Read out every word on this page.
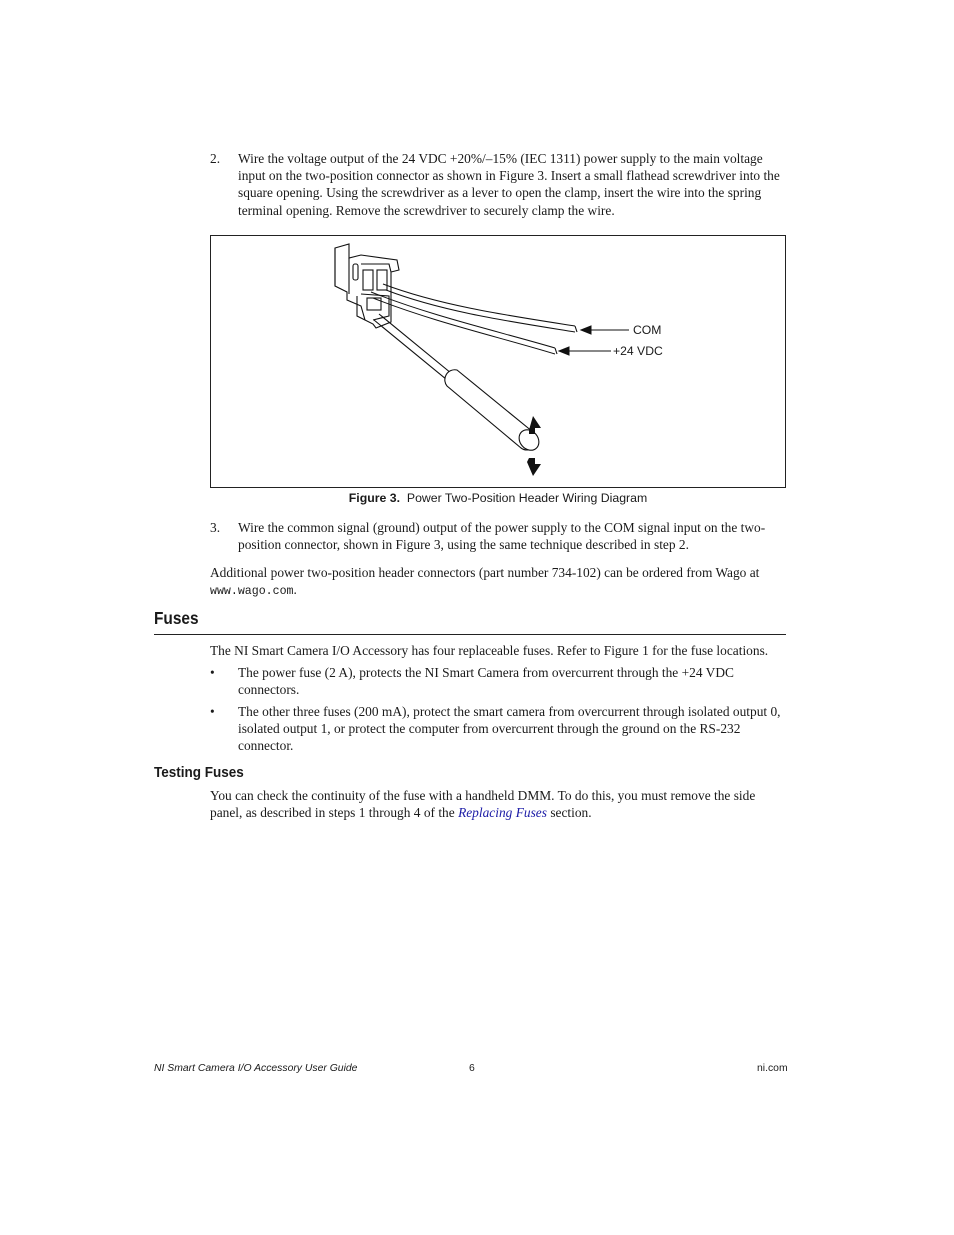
2. Wire the voltage output of the 24 VDC +20%/–15% (IEC 1311) power supply to the main voltage input on the two-position connector as shown in Figure 3. Insert a small flathead screwdriver into the square opening. Using the screwdriver as a lever to open the clamp, insert the wire into the spring terminal opening. Remove the screwdriver to securely clamp the wire.
COM
+24 VDC
Figure 3. Power Two-Position Header Wiring Diagram
3. Wire the common signal (ground) output of the power supply to the COM signal input on the two-position connector, shown in Figure 3, using the same technique described in step 2.
Additional power two-position header connectors (part number 734-102) can be ordered from Wago at www.wago.com.
Fuses
The NI Smart Camera I/O Accessory has four replaceable fuses. Refer to Figure 1 for the fuse locations.
• The power fuse (2 A), protects the NI Smart Camera from overcurrent through the +24 VDC connectors.
• The other three fuses (200 mA), protect the smart camera from overcurrent through isolated output 0, isolated output 1, or protect the computer from overcurrent through the ground on the RS-232 connector.
Testing Fuses
You can check the continuity of the fuse with a handheld DMM. To do this, you must remove the side panel, as described in steps 1 through 4 of the Replacing Fuses section.
NI Smart Camera I/O Accessory User Guide	6	ni.com
